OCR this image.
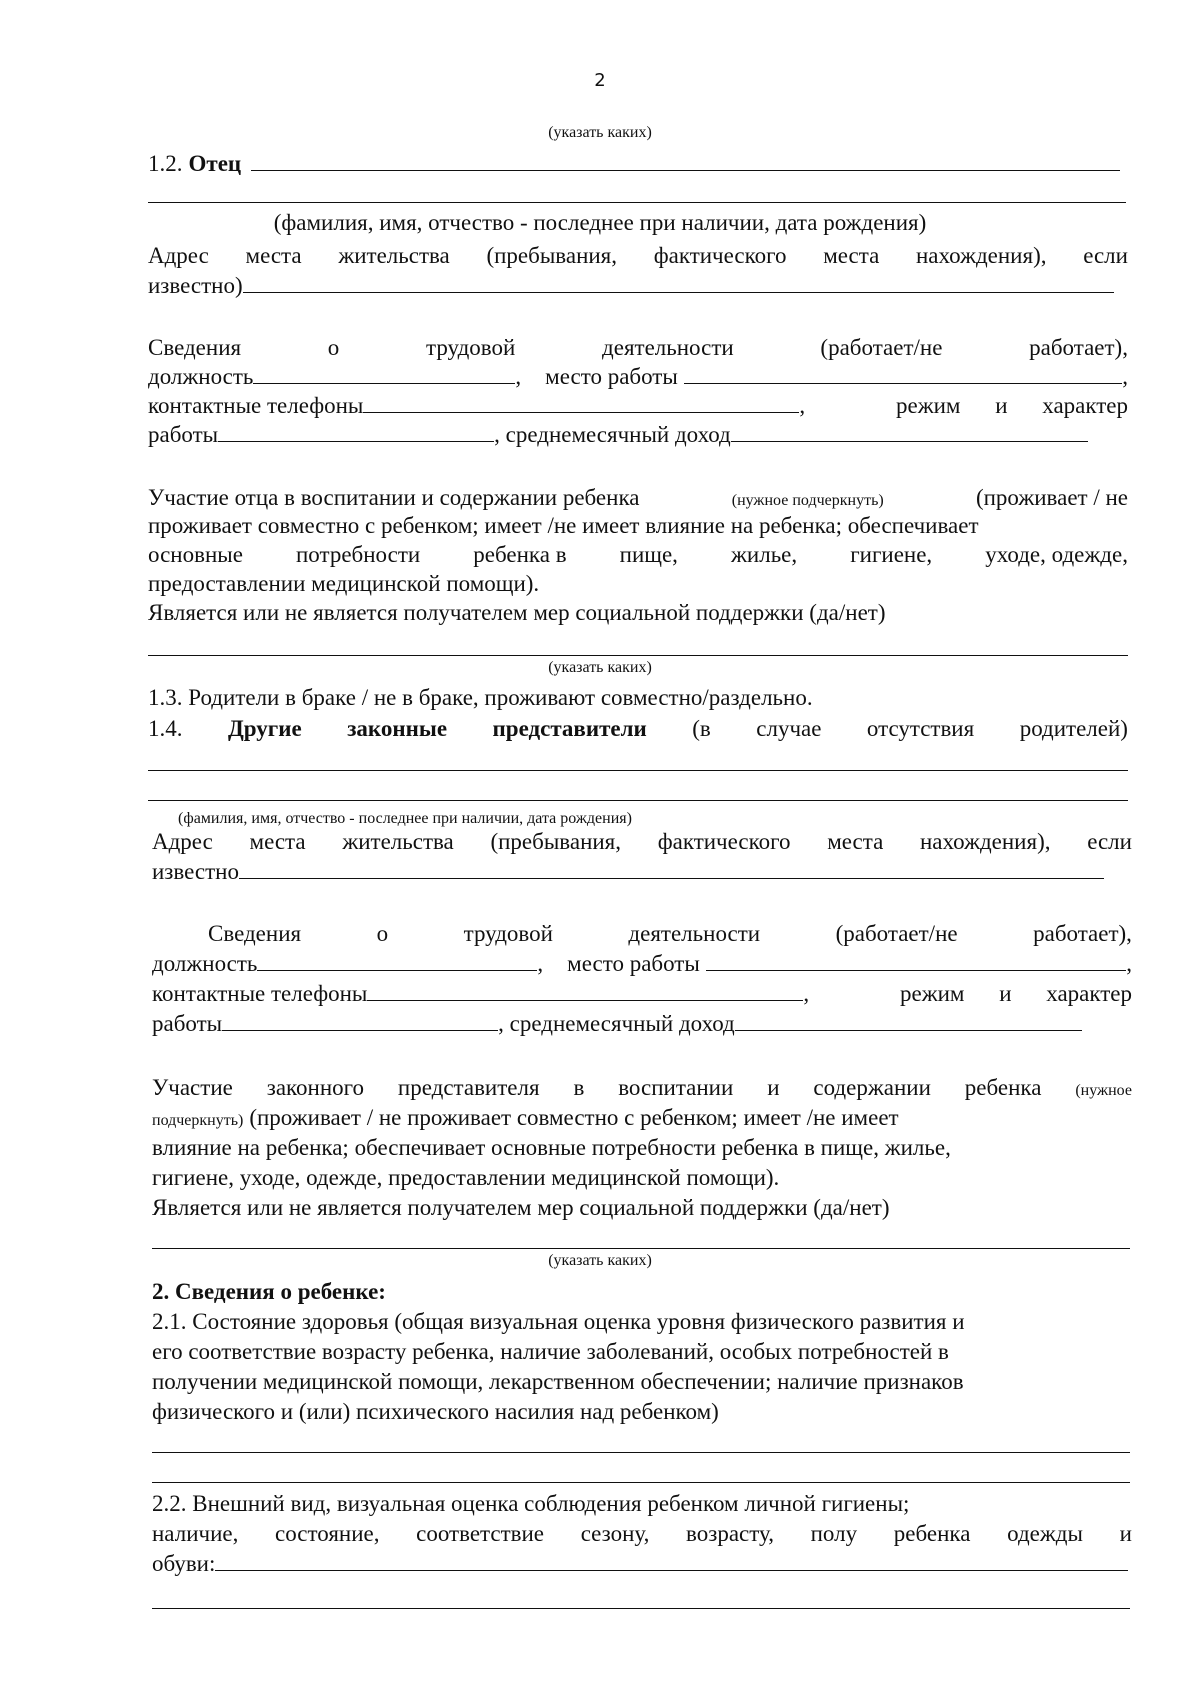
2
(указать каких)
1.2. Отец
(фамилия, имя, отчество - последнее при наличии, дата рождения)
Адрес места жительства (пребывания, фактического места нахождения), если
известно)
Сведения	о	трудовой	деятельности	(работает/не	работает),
должность	, место работы	,
контактные телефоны	,	режим и характер
работы	, среднемесячный доход
Участие отца в воспитании и содержании ребенка	(нужное подчеркнуть)	(проживает / не
проживает совместно с ребенком; имеет /не имеет влияние на ребенка; обеспечивает
основные потребности ребенка в пище, жилье, гигиене, уходе, одежде,
предоставлении медицинской помощи).
Является или не является получателем мер социальной поддержки (да/нет)
(указать каких)
1.3. Родители в браке / не в браке, проживают совместно/раздельно.
1.4. Другие законные представители (в случае отсутствия родителей)
(фамилия, имя, отчество - последнее при наличии, дата рождения)
Адрес места жительства (пребывания, фактического места нахождения), если
известно
Сведения	о	трудовой	деятельности	(работает/не	работает),
должность	, место работы	,
контактные телефоны	,	режим и характер
работы	, среднемесячный доход
Участие законного представителя в воспитании и содержании ребенка (нужное
подчеркнуть) (проживает / не проживает совместно с ребенком; имеет /не имеет
влияние на ребенка; обеспечивает основные потребности ребенка в пище, жилье,
гигиене, уходе, одежде, предоставлении медицинской помощи).
Является или не является получателем мер социальной поддержки (да/нет)
(указать каких)
2. Сведения о ребенке:
2.1. Состояние здоровья (общая визуальная оценка уровня физического развития и
его соответствие возрасту ребенка, наличие заболеваний, особых потребностей в
получении медицинской помощи, лекарственном обеспечении; наличие признаков
физического и (или) психического насилия над ребенком)
2.2. Внешний вид, визуальная оценка соблюдения ребенком личной гигиены;
наличие, состояние, соответствие сезону, возрасту, полу ребенка одежды и
обуви:
